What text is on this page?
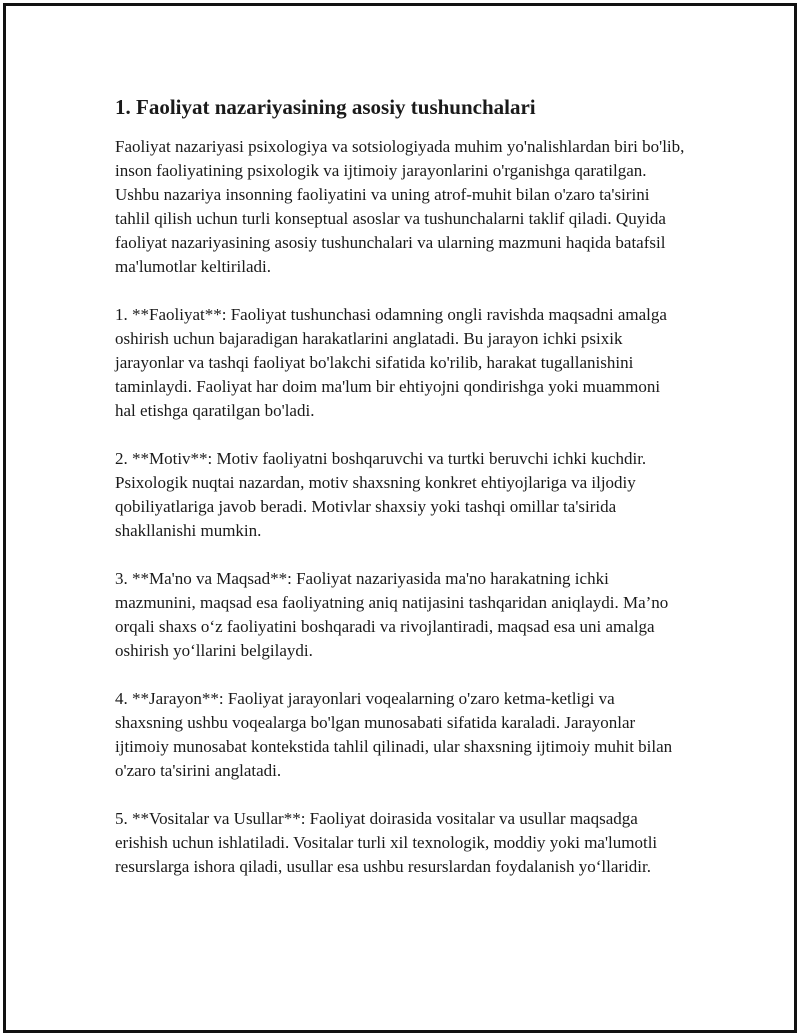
1. Faoliyat nazariyasining asosiy tushunchalari

Faoliyat nazariyasi psixologiya va sotsiologiyada muhim yo'nalishlardan biri bo'lib, inson faoliyatining psixologik va ijtimoiy jarayonlarini o'rganishga qaratilgan. Ushbu nazariya insonning faoliyatini va uning atrof-muhit bilan o'zaro ta'sirini tahlil qilish uchun turli konseptual asoslar va tushunchalarni taklif qiladi. Quyida faoliyat nazariyasining asosiy tushunchalari va ularning mazmuni haqida batafsil ma'lumotlar keltiriladi.

1. **Faoliyat**: Faoliyat tushunchasi odamning ongli ravishda maqsadni amalga oshirish uchun bajaradigan harakatlarini anglatadi. Bu jarayon ichki psixik jarayonlar va tashqi faoliyat bo'lakchi sifatida ko'rilib, harakat tugallanishini taminlaydi. Faoliyat har doim ma'lum bir ehtiyojni qondirishga yoki muammoni hal etishga qaratilgan bo'ladi.

2. **Motiv**: Motiv faoliyatni boshqaruvchi va turtki beruvchi ichki kuchdir. Psixologik nuqtai nazardan, motiv shaxsning konkret ehtiyojlariga va iljodiy qobiliyatlariga javob beradi. Motivlar shaxsiy yoki tashqi omillar ta'sirida shakllanishi mumkin.

3. **Ma'no va Maqsad**: Faoliyat nazariyasida ma'no harakatning ichki mazmunini, maqsad esa faoliyatning aniq natijasini tashqaridan aniqlaydi. Ma’no orqali shaxs o‘z faoliyatini boshqaradi va rivojlantiradi, maqsad esa uni amalga oshirish yo‘llarini belgilaydi.

4. **Jarayon**: Faoliyat jarayonlari voqealarning o'zaro ketma-ketligi va shaxsning ushbu voqealarga bo'lgan munosabati sifatida karaladi. Jarayonlar ijtimoiy munosabat kontekstida tahlil qilinadi, ular shaxsning ijtimoiy muhit bilan o'zaro ta'sirini anglatadi.

5. **Vositalar va Usullar**: Faoliyat doirasida vositalar va usullar maqsadga erishish uchun ishlatiladi. Vositalar turli xil texnologik, moddiy yoki ma'lumotli resurslarga ishora qiladi, usullar esa ushbu resurslardan foydalanish yo‘llaridir.
